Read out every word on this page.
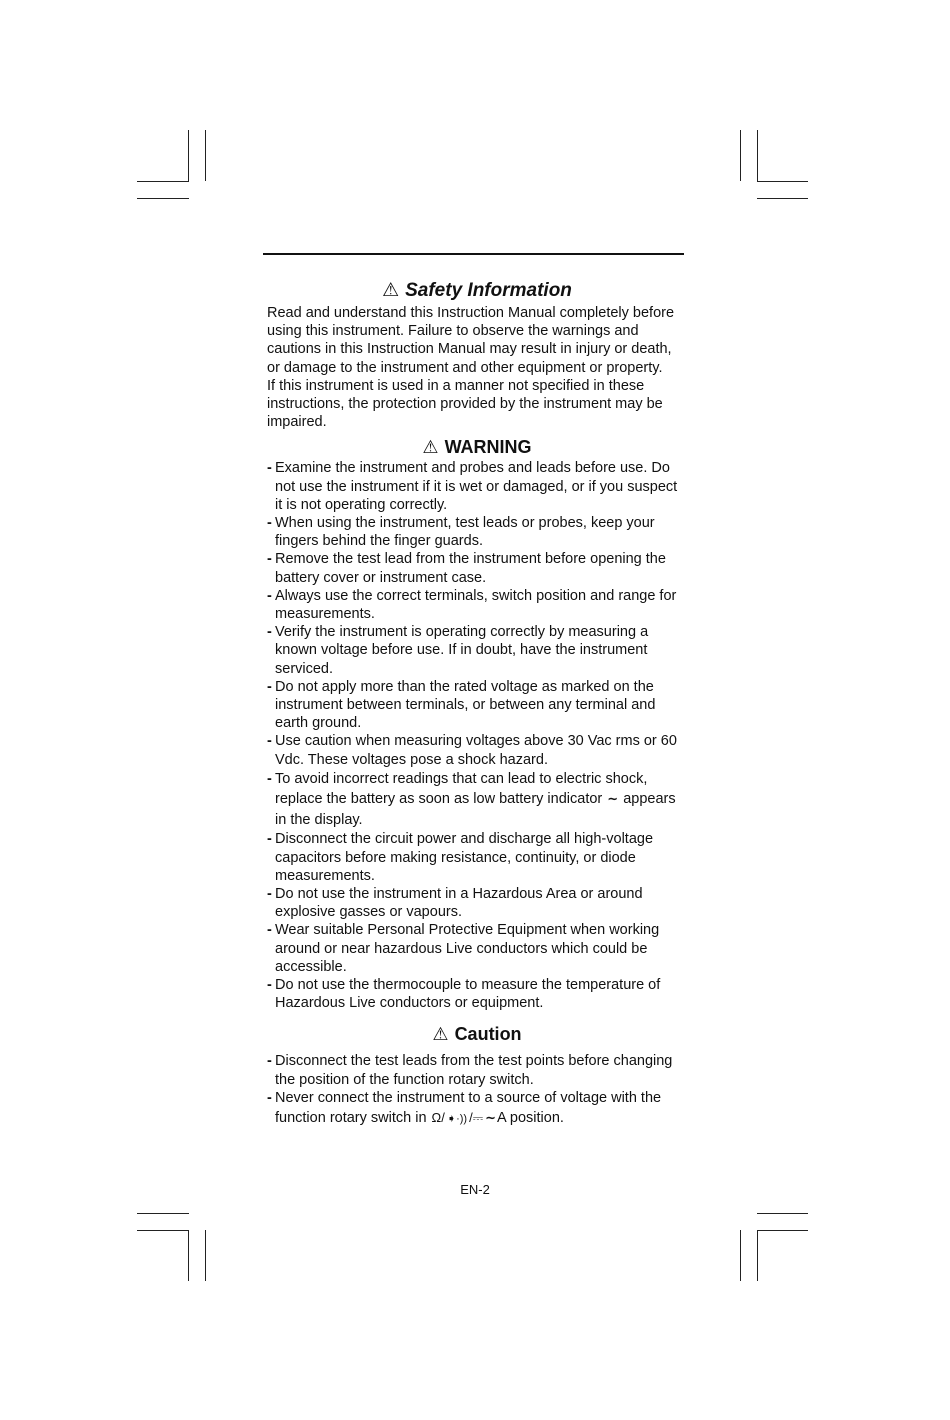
⚠ Safety Information

Read and understand this Instruction Manual completely before using this instrument. Failure to observe the warnings and cautions in this Instruction Manual may result in injury or death, or damage to the instrument and other equipment or property.

If this instrument is used in a manner not specified in these instructions, the protection provided by the instrument may be impaired.

⚠ WARNING
- Examine the instrument and probes and leads before use. Do not use the instrument if it is wet or damaged, or if you suspect it is not operating correctly.
- When using the instrument, test leads or probes, keep your fingers behind the finger guards.
- Remove the test lead from the instrument before opening the battery cover or instrument case.
- Always use the correct terminals, switch position and range for measurements.
- Verify the instrument is operating correctly by measuring a known voltage before use. If in doubt, have the instrument serviced.
- Do not apply more than the rated voltage as marked on the instrument between terminals, or between any terminal and earth ground.
- Use caution when measuring voltages above 30 Vac rms or 60 Vdc. These voltages pose a shock hazard.
- To avoid incorrect readings that can lead to electric shock, replace the battery as soon as low battery indicator ∼ appears in the display.
- Disconnect the circuit power and discharge all high-voltage capacitors before making resistance, continuity, or diode measurements.
- Do not use the instrument in a Hazardous Area or around explosive gasses or vapours.
- Wear suitable Personal Protective Equipment when working around or near hazardous Live conductors which could be accessible.
- Do not use the thermocouple to measure the temperature of Hazardous Live conductors or equipment.
⚠ Caution
- Disconnect the test leads from the test points before changing the position of the function rotary switch.
- Never connect the instrument to a source of voltage with the function rotary switch in Ω/ ➧·)) /⎓ ∼A position.
EN-2
